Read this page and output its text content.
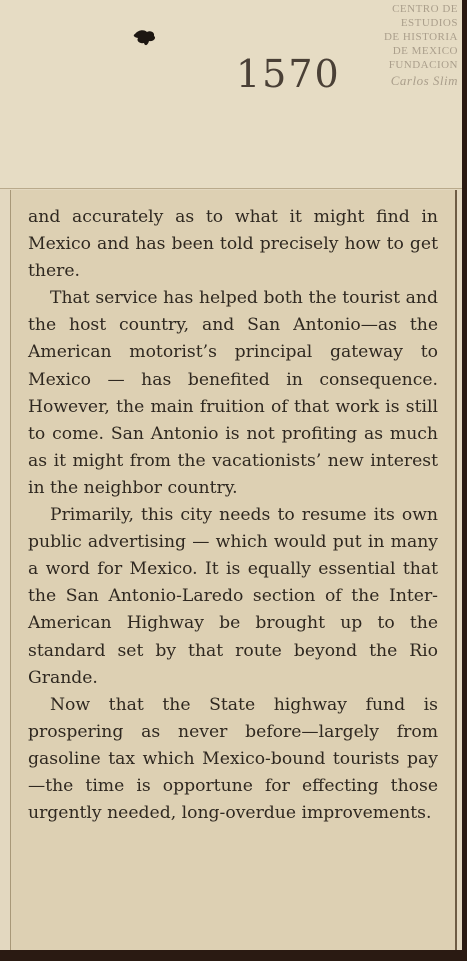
1570
CENTRO DE
ESTUDIOS
DE HISTORIA
DE MEXICO
FUNDACION
Carlos Slim

and accurately as to what it might find in Mexico and has been told precisely how to get there.

That service has helped both the tourist and the host country, and San Antonio—as the American motorist’s principal gateway to Mexico — has benefited in consequence. However, the main fruition of that work is still to come. San Antonio is not profiting as much as it might from the vacationists’ new interest in the neighbor country.

Primarily, this city needs to resume its own public advertising — which would put in many a word for Mexico. It is equally essential that the San Antonio-Laredo section of the Inter-American Highway be brought up to the standard set by that route beyond the Rio Grande.

Now that the State highway fund is prospering as never before—largely from gasoline tax which Mexico-bound tourists pay—the time is opportune for effecting those urgently needed, long-overdue improvements.
